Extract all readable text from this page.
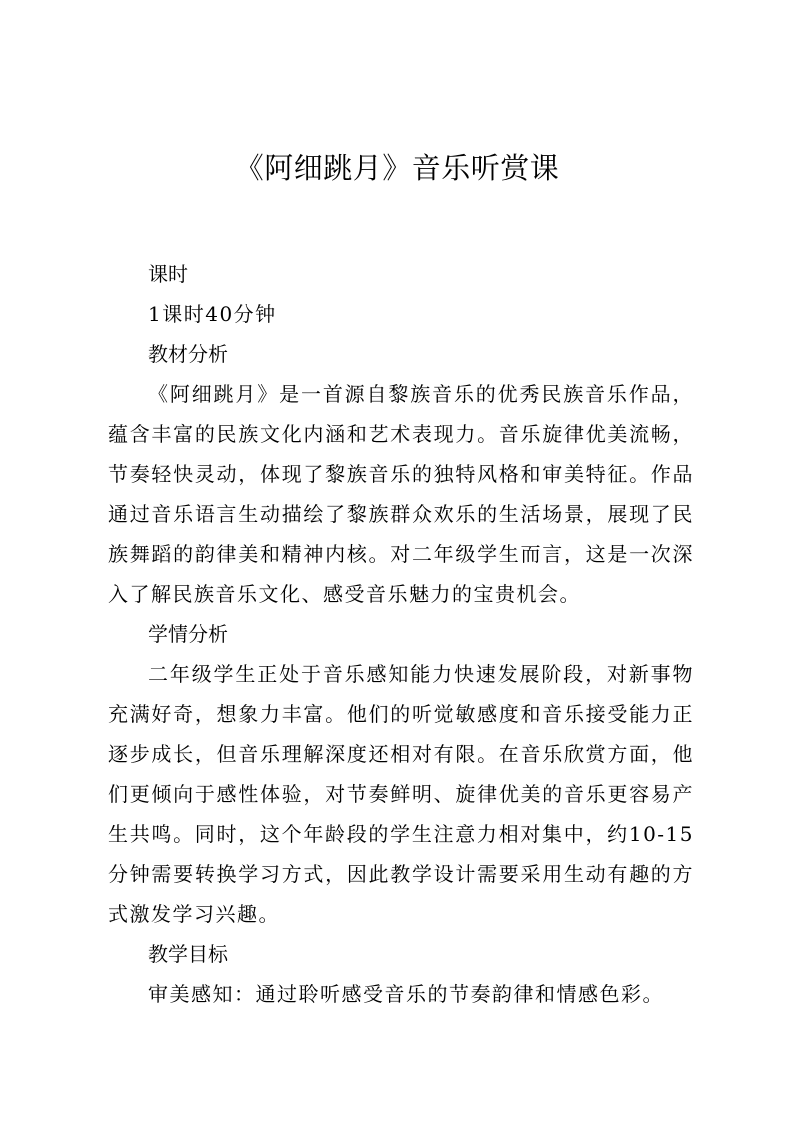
《阿细跳月》音乐听赏课
课时

1课时40分钟

教材分析

《阿细跳月》是一首源自黎族音乐的优秀民族音乐作品，蕴含丰富的民族文化内涵和艺术表现力。音乐旋律优美流畅，节奏轻快灵动，体现了黎族音乐的独特风格和审美特征。作品通过音乐语言生动描绘了黎族群众欢乐的生活场景，展现了民族舞蹈的韵律美和精神内核。对二年级学生而言，这是一次深入了解民族音乐文化、感受音乐魅力的宝贵机会。

学情分析

二年级学生正处于音乐感知能力快速发展阶段，对新事物充满好奇，想象力丰富。他们的听觉敏感度和音乐接受能力正逐步成长，但音乐理解深度还相对有限。在音乐欣赏方面，他们更倾向于感性体验，对节奏鲜明、旋律优美的音乐更容易产生共鸣。同时，这个年龄段的学生注意力相对集中，约10-15分钟需要转换学习方式，因此教学设计需要采用生动有趣的方式激发学习兴趣。

教学目标

审美感知：通过聆听感受音乐的节奏韵律和情感色彩。
